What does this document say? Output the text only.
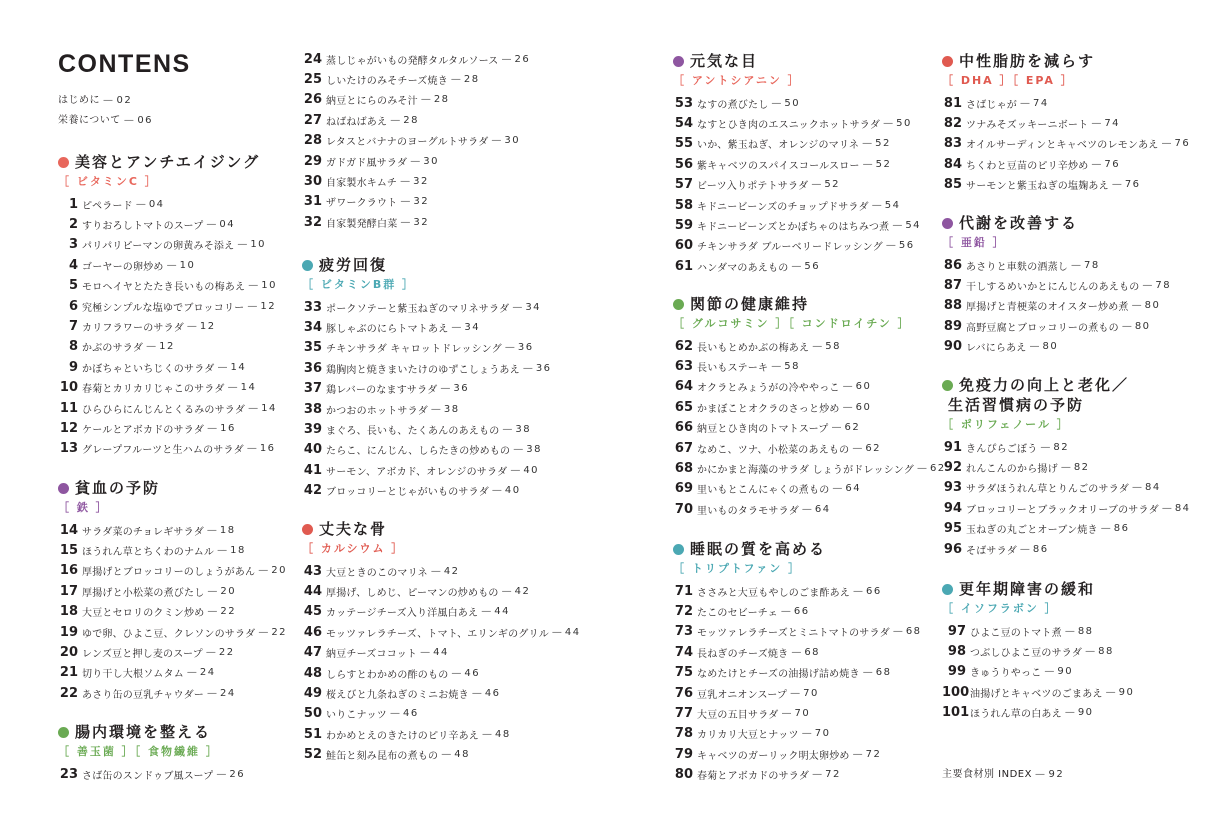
CONTENS
はじめに — 02
栄養について — 06
美容とアンチエイジング
［ ビタミンC ］
1 ピペラード — 04
2 すりおろしトマトのスープ — 04
3 パリパリピーマンの卵黄みそ添え — 10
4 ゴーヤーの卵炒め — 10
5 モロヘイヤとたたき長いもの梅あえ — 10
6 究極シンプルな塩ゆでブロッコリー — 12
7 カリフラワーのサラダ — 12
8 かぶのサラダ — 12
9 かぼちゃといちじくのサラダ — 14
10 春菊とカリカリじゃこのサラダ — 14
11 ひらひらにんじんとくるみのサラダ — 14
12 ケールとアボカドのサラダ — 16
13 グレープフルーツと生ハムのサラダ — 16
貧血の予防
［ 鉄 ］
14 サラダ菜のチョレギサラダ — 18
15 ほうれん草とちくわのナムル — 18
16 厚揚げとブロッコリーのしょうがあん — 20
17 厚揚げと小松菜の煮びたし — 20
18 大豆とセロリのクミン炒め — 22
19 ゆで卵、ひよこ豆、クレソンのサラダ — 22
20 レンズ豆と押し麦のスープ — 22
21 切り干し大根ソムタム — 24
22 あさり缶の豆乳チャウダー — 24
腸内環境を整える
［ 善玉菌 ］［ 食物繊維 ］
23 さば缶のスンドゥブ風スープ — 26
24 蒸しじゃがいもの発酵タルタルソース — 26
25 しいたけのみそチーズ焼き — 28
26 納豆とにらのみそ汁 — 28
27 ねばねばあえ — 28
28 レタスとバナナのヨーグルトサラダ — 30
29 ガドガド風サラダ — 30
30 自家製水キムチ — 32
31 ザワークラウト — 32
32 自家製発酵白菜 — 32
疲労回復
［ ビタミンB群 ］
33 ポークソテーと紫玉ねぎのマリネサラダ — 34
34 豚しゃぶのにらトマトあえ — 34
35 チキンサラダ キャロットドレッシング — 36
36 鶏胸肉と焼きまいたけのゆずこしょうあえ — 36
37 鶏レバーのなますサラダ — 36
38 かつおのホットサラダ — 38
39 まぐろ、長いも、たくあんのあえもの — 38
40 たらこ、にんじん、しらたきの炒めもの — 38
41 サーモン、アボカド、オレンジのサラダ — 40
42 ブロッコリーとじゃがいものサラダ — 40
丈夫な骨
［ カルシウム ］
43 大豆ときのこのマリネ — 42
44 厚揚げ、しめじ、ピーマンの炒めもの — 42
45 カッテージチーズ入り洋風白あえ — 44
46 モッツァレラチーズ、トマト、エリンギのグリル — 44
47 納豆チーズココット — 44
48 しらすとわかめの酢のもの — 46
49 桜えびと九条ねぎのミニお焼き — 46
50 いりこナッツ — 46
51 わかめとえのきたけのピリ辛あえ — 48
52 鮭缶と刻み昆布の煮もの — 48
元気な目
［ アントシアニン ］
53 なすの煮びたし — 50
54 なすとひき肉のエスニックホットサラダ — 50
55 いか、紫玉ねぎ、オレンジのマリネ — 52
56 紫キャベツのスパイスコールスロー — 52
57 ビーツ入りポテトサラダ — 52
58 キドニービーンズのチョップドサラダ — 54
59 キドニービーンズとかぼちゃのはちみつ煮 — 54
60 チキンサラダ ブルーベリードレッシング — 56
61 ハンダマのあえもの — 56
関節の健康維持
［ グルコサミン ］［ コンドロイチン ］
62 長いもとめかぶの梅あえ — 58
63 長いもステーキ — 58
64 オクラとみょうがの冷ややっこ — 60
65 かまぼことオクラのさっと炒め — 60
66 納豆とひき肉のトマトスープ — 62
67 なめこ、ツナ、小松菜のあえもの — 62
68 かにかまと海藻のサラダ しょうがドレッシング — 62
69 里いもとこんにゃくの煮もの — 64
70 里いものタラモサラダ — 64
睡眠の質を高める
［ トリプトファン ］
71 ささみと大豆もやしのごま酢あえ — 66
72 たこのセビーチェ — 66
73 モッツァレラチーズとミニトマトのサラダ — 68
74 長ねぎのチーズ焼き — 68
75 なめたけとチーズの油揚げ詰め焼き — 68
76 豆乳オニオンスープ — 70
77 大豆の五目サラダ — 70
78 カリカリ大豆とナッツ — 70
79 キャベツのガーリック明太卵炒め — 72
80 春菊とアボカドのサラダ — 72
中性脂肪を減らす
［ DHA ］［ EPA ］
81 さばじゃが — 74
82 ツナみそズッキーニボート — 74
83 オイルサーディンとキャベツのレモンあえ — 76
84 ちくわと豆苗のピリ辛炒め — 76
85 サーモンと紫玉ねぎの塩麹あえ — 76
代謝を改善する
［ 亜鉛 ］
86 あさりと車麩の酒蒸し — 78
87 干しするめいかとにんじんのあえもの — 78
88 厚揚げと青梗菜のオイスター炒め煮 — 80
89 高野豆腐とブロッコリーの煮もの — 80
90 レバにらあえ — 80
免疫力の向上と老化／
生活習慣病の予防
［ ポリフェノール ］
91 きんぴらごぼう — 82
92 れんこんのから揚げ — 82
93 サラダほうれん草とりんごのサラダ — 84
94 ブロッコリーとブラックオリーブのサラダ — 84
95 玉ねぎの丸ごとオーブン焼き — 86
96 そばサラダ — 86
更年期障害の緩和
［ イソフラボン ］
97 ひよこ豆のトマト煮 — 88
98 つぶしひよこ豆のサラダ — 88
99 きゅうりやっこ — 90
100 油揚げとキャベツのごまあえ — 90
101 ほうれん草の白あえ — 90
主要食材別 INDEX — 92
